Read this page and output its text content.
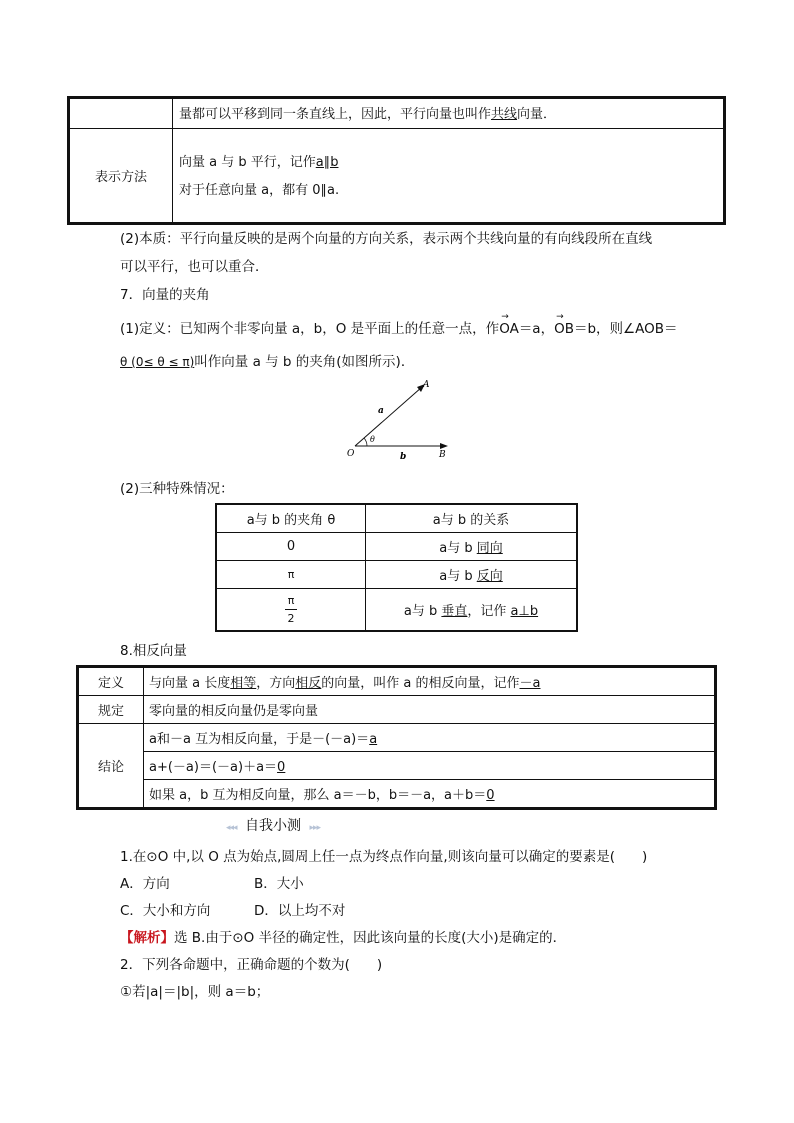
	量都可以平移到同一条直线上，因此，平行向量也叫作共线向量．
表示方法	向量 a 与 b 平行，记作a∥b
对于任意向量 a，都有 0∥a.
(2)本质：平行向量反映的是两个向量的方向关系，表示两个共线向量的有向线段所在直线
可以平行，也可以重合．
7．向量的夹角
(1)定义：已知两个非零向量 a，b，O 是平面上的任意一点，作
→
OA＝a，
→
OB＝b，则∠AOB＝
θ (0≤ θ ≤ π)叫作向量 a 与 b 的夹角(如图所示)．
A
a
θ
O	b	B
(2)三种特殊情况：
a与 b 的夹角 θ	a与 b 的关系
0	a与 b 同向
π	a与 b 反向

$\frac{\pi}{2}$	a与 b 垂直，记作 a⊥b
8.相反向量
定义	与向量 a 长度相等，方向相反的向量，叫作 a 的相反向量，记作－a
规定	零向量的相反向量仍是零向量
结论	a和－a 互为相反向量，于是－(－a)＝a
	a+(－a)＝(－a)＋a＝0
	如果 a，b 互为相反向量，那么 a＝－b，b＝－a，a＋b＝0
◂◂◂ 自我小测 ▸▸▸
1.在⊙O 中,以 O 点为始点,圆周上任一点为终点作向量,则该向量可以确定的要素是(　　)
A．方向	B．大小
C．大小和方向	D．以上均不对
【解析】选 B.由于⊙O 半径的确定性，因此该向量的长度(大小)是确定的．
2．下列各命题中，正确命题的个数为(　　)
①若|a|＝|b|，则 a＝b；
